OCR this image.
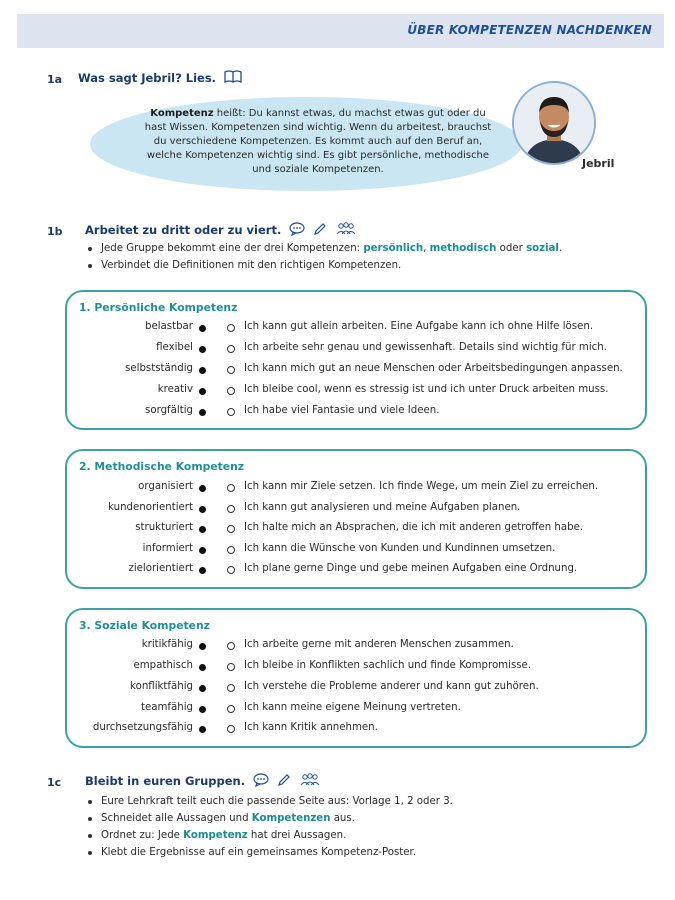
ÜBER KOMPETENZEN NACHDENKEN
1a Was sagt Jebril? Lies.
Kompetenz heißt: Du kannst etwas, du machst etwas gut oder du hast Wissen. Kompetenzen sind wichtig. Wenn du arbeitest, brauchst du verschiedene Kompetenzen. Es kommt auch auf den Beruf an, welche Kompetenzen wichtig sind. Es gibt persönliche, methodische und soziale Kompetenzen.	Jebril
1b Arbeitet zu dritt oder zu viert.
Jede Gruppe bekommt eine der drei Kompetenzen: persönlich, methodisch oder sozial.
Verbindet die Definitionen mit den richtigen Kompetenzen.
1. Persönliche Kompetenz
belastbar	Ich kann gut allein arbeiten. Eine Aufgabe kann ich ohne Hilfe lösen.
flexibel	Ich arbeite sehr genau und gewissenhaft. Details sind wichtig für mich.
selbstständig	Ich kann mich gut an neue Menschen oder Arbeitsbedingungen anpassen.
kreativ	Ich bleibe cool, wenn es stressig ist und ich unter Druck arbeiten muss.
sorgfältig	Ich habe viel Fantasie und viele Ideen.
2. Methodische Kompetenz
organisiert	Ich kann mir Ziele setzen. Ich finde Wege, um mein Ziel zu erreichen.
kundenorientiert	Ich kann gut analysieren und meine Aufgaben planen.
strukturiert	Ich halte mich an Absprachen, die ich mit anderen getroffen habe.
informiert	Ich kann die Wünsche von Kunden und Kundinnen umsetzen.
zielorientiert	Ich plane gerne Dinge und gebe meinen Aufgaben eine Ordnung.
3. Soziale Kompetenz
kritikfähig	Ich arbeite gerne mit anderen Menschen zusammen.
empathisch	Ich bleibe in Konflikten sachlich und finde Kompromisse.
konfliktfähig	Ich verstehe die Probleme anderer und kann gut zuhören.
teamfähig	Ich kann meine eigene Meinung vertreten.
durchsetzungsfähig	Ich kann Kritik annehmen.
1c Bleibt in euren Gruppen.
Eure Lehrkraft teilt euch die passende Seite aus: Vorlage 1, 2 oder 3.
Schneidet alle Aussagen und Kompetenzen aus.
Ordnet zu: Jede Kompetenz hat drei Aussagen.
Klebt die Ergebnisse auf ein gemeinsames Kompetenz-Poster.
